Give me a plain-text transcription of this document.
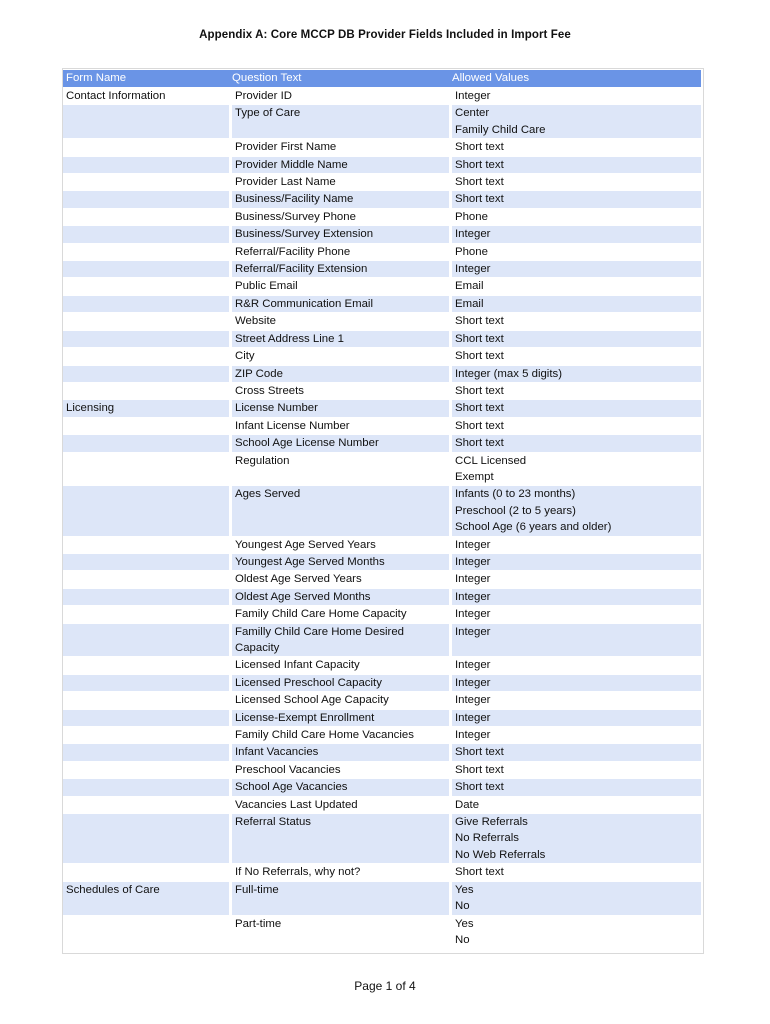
Appendix A: Core MCCP DB Provider Fields Included in Import Fee
Form Name	Question Text	Allowed Values
Contact Information	Provider ID	Integer

	Type of Care	Center
Family Child Care

	Provider First Name	Short text

	Provider Middle Name	Short text

	Provider Last Name	Short text

	Business/Facility Name	Short text

	Business/Survey Phone	Phone

	Business/Survey Extension	Integer

	Referral/Facility Phone	Phone

	Referral/Facility Extension	Integer

	Public Email	Email

	R&R Communication Email	Email

	Website	Short text

	Street Address Line 1	Short text

	City	Short text

	ZIP Code	Integer (max 5 digits)

	Cross Streets	Short text

Licensing	License Number	Short text

	Infant License Number	Short text

	School Age License Number	Short text

	Regulation	CCL Licensed
Exempt

	Ages Served	Infants (0 to 23 months)
Preschool (2 to 5 years)
School Age (6 years and older)

	Youngest Age Served Years	Integer

	Youngest Age Served Months	Integer

	Oldest Age Served Years	Integer

	Oldest Age Served Months	Integer

	Family Child Care Home Capacity	Integer

	Familly Child Care Home Desired Capacity	Integer

	Licensed Infant Capacity	Integer

	Licensed Preschool Capacity	Integer

	Licensed School Age Capacity	Integer

	License-Exempt Enrollment	Integer

	Family Child Care Home Vacancies	Integer

	Infant Vacancies	Short text

	Preschool Vacancies	Short text

	School Age Vacancies	Short text

	Vacancies Last Updated	Date

	Referral Status	Give Referrals
No Referrals
No Web Referrals

	If No Referrals, why not?	Short text

Schedules of Care	Full-time	Yes
No

	Part-time	Yes
No
Page 1 of 4
